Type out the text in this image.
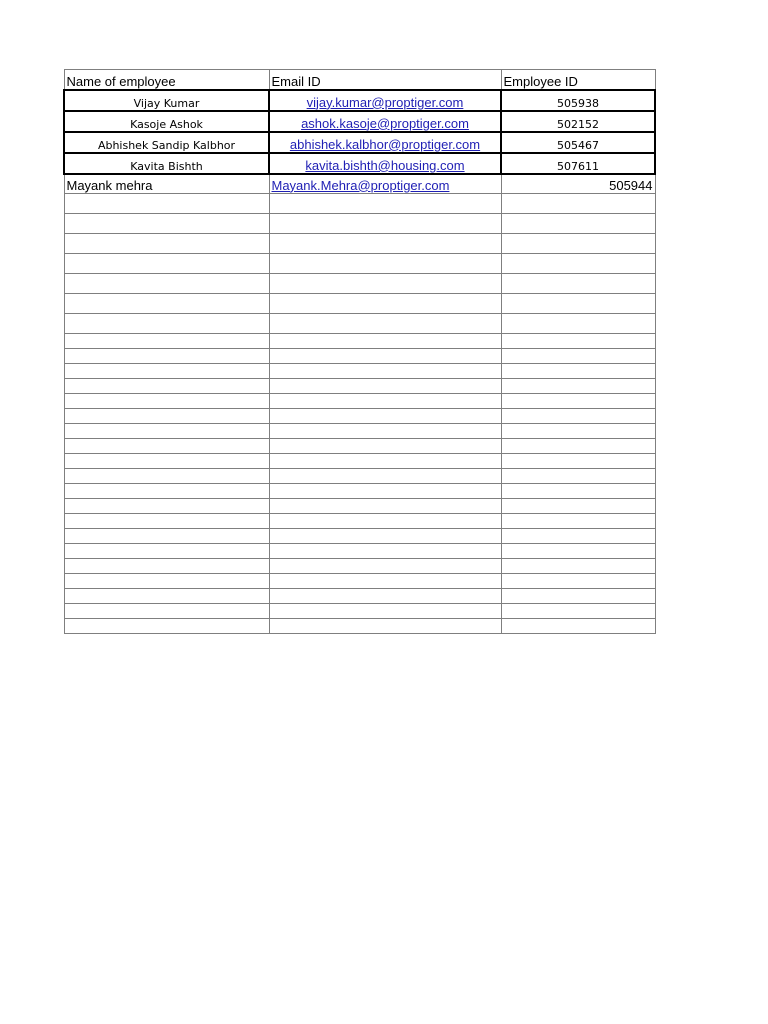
Name of employee	Email ID	Employee ID
Vijay Kumar	vijay.kumar@proptiger.com	505938
Kasoje Ashok	ashok.kasoje@proptiger.com	502152
Abhishek Sandip Kalbhor	abhishek.kalbhor@proptiger.com	505467
Kavita Bishth	kavita.bishth@housing.com	507611
Mayank mehra	Mayank.Mehra@proptiger.com	505944
